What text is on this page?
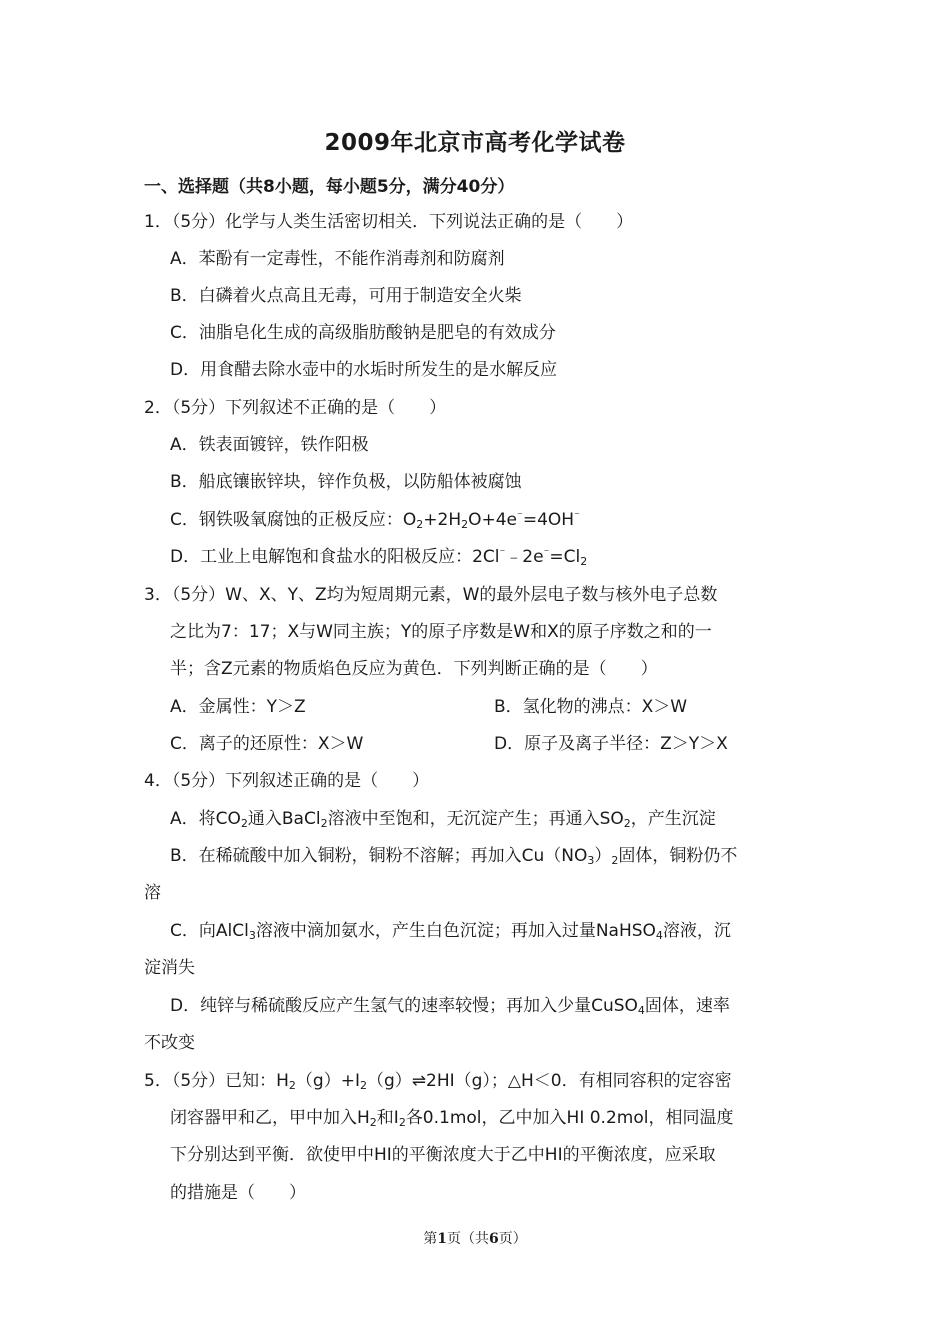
2009年北京市高考化学试卷
一、选择题（共8小题，每小题5分，满分40分）
1．（5分）化学与人类生活密切相关．下列说法正确的是（　　）
A．苯酚有一定毒性，不能作消毒剂和防腐剂
B．白磷着火点高且无毒，可用于制造安全火柴
C．油脂皂化生成的高级脂肪酸钠是肥皂的有效成分
D．用食醋去除水壶中的水垢时所发生的是水解反应
2．（5分）下列叙述不正确的是（　　）
A．铁表面镀锌，铁作阳极
B．船底镶嵌锌块，锌作负极，以防船体被腐蚀
C．钢铁吸氧腐蚀的正极反应：$O_2+2H_2O+4e^{^-}=4OH^{^-}$
D．工业上电解饱和食盐水的阳极反应：$2Cl^{^-}﹣2e^{^-}=Cl_2$
3．（5分）W、X、Y、Z均为短周期元素，W的最外层电子数与核外电子总数
之比为7：17；X与W同主族；Y的原子序数是W和X的原子序数之和的一
半；含Z元素的物质焰色反应为黄色．下列判断正确的是（　　）
A．金属性：Y＞Z	B．氢化物的沸点：X＞W
C．离子的还原性：X＞W	D．原子及离子半径：Z＞Y＞X
4．（5分）下列叙述正确的是（　　）
A．将$CO_2$通入BaCl$_2$溶液中至饱和，无沉淀产生；再通入$SO_2$，产生沉淀
B．在稀硫酸中加入铜粉，铜粉不溶解；再加入$Cu(NO_3)_2$固体，铜粉仍不
溶
C．向AlCl$_3$溶液中滴加氨水，产生白色沉淀；再加入过量NaHSO$_4$溶液，沉
淀消失
D．纯锌与稀硫酸反应产生氢气的速率较慢；再加入少量CuSO$_4$固体，速率
不改变
5．（5分）已知：$H_2(g)+I_2(g)\rightleftharpoons 2HI(g)$；△H＜0．有相同容积的定容密
闭容器甲和乙，甲中加入$H_2$和$I_2$各0.1mol，乙中加入HI 0.2mol，相同温度
下分别达到平衡．欲使甲中HI的平衡浓度大于乙中HI的平衡浓度，应采取
的措施是（　　）
第1页（共6页）
